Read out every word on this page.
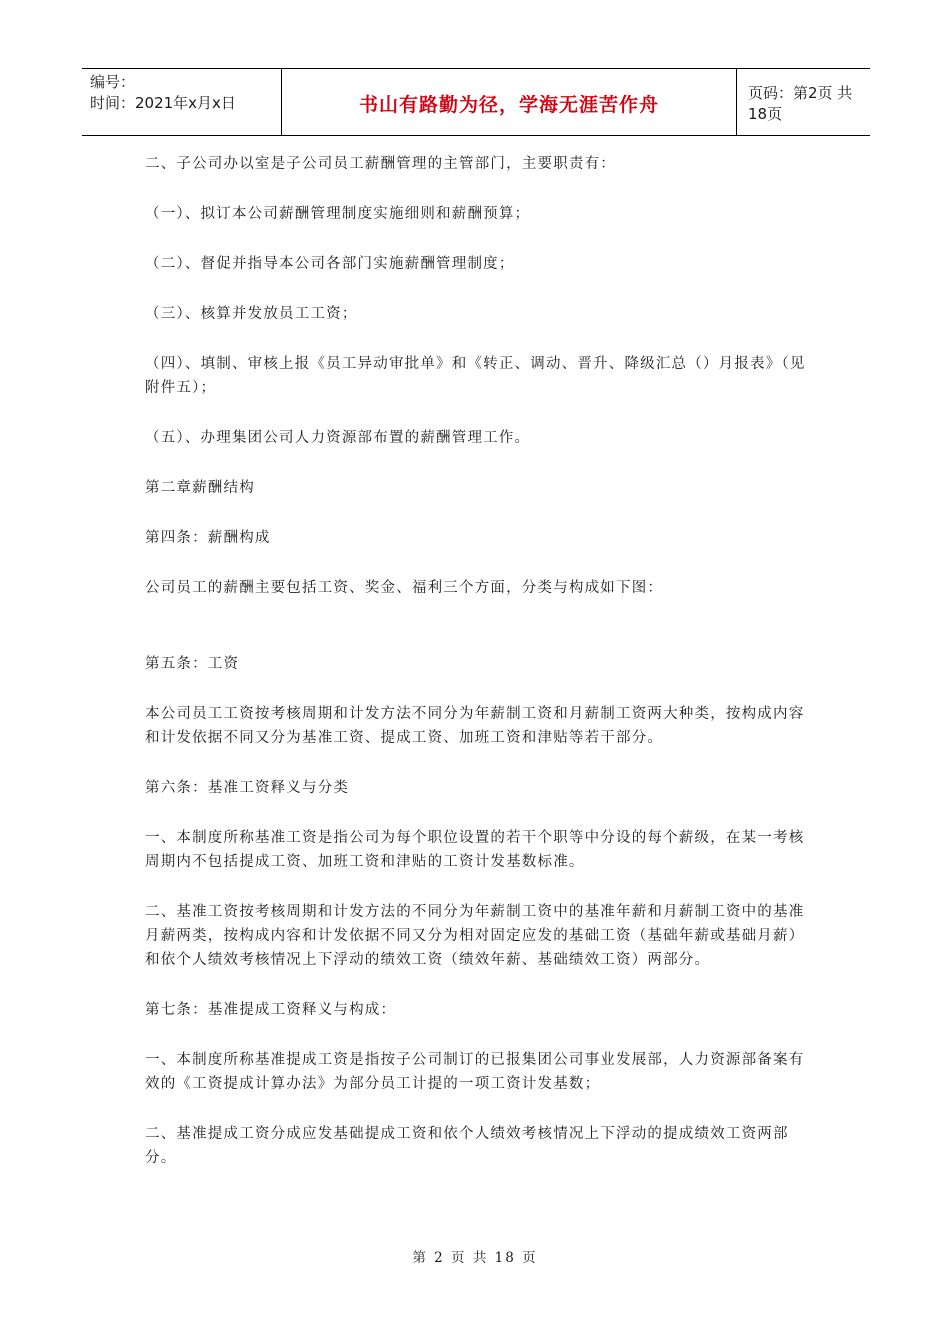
编号：
时间：2021年x月x日	书山有路勤为径，学海无涯苦作舟
页码：第2页 共18页

二、子公司办以室是子公司员工薪酬管理的主管部门，主要职责有：

（一）、拟订本公司薪酬管理制度实施细则和薪酬预算；

（二）、督促并指导本公司各部门实施薪酬管理制度；

（三）、核算并发放员工工资；

（四）、填制、审核上报《员工异动审批单》和《转正、调动、晋升、降级汇总（）月报表》（见附件五）；

（五）、办理集团公司人力资源部布置的薪酬管理工作。

第二章薪酬结构

第四条：薪酬构成

公司员工的薪酬主要包括工资、奖金、福利三个方面，分类与构成如下图：

第五条：工资

本公司员工工资按考核周期和计发方法不同分为年薪制工资和月薪制工资两大种类，按构成内容和计发依据不同又分为基准工资、提成工资、加班工资和津贴等若干部分。

第六条：基准工资释义与分类

一、本制度所称基准工资是指公司为每个职位设置的若干个职等中分设的每个薪级，在某一考核周期内不包括提成工资、加班工资和津贴的工资计发基数标准。

二、基准工资按考核周期和计发方法的不同分为年薪制工资中的基准年薪和月薪制工资中的基准月薪两类，按构成内容和计发依据不同又分为相对固定应发的基础工资（基础年薪或基础月薪）和依个人绩效考核情况上下浮动的绩效工资（绩效年薪、基础绩效工资）两部分。

第七条：基准提成工资释义与构成：

一、本制度所称基准提成工资是指按子公司制订的已报集团公司事业发展部，人力资源部备案有效的《工资提成计算办法》为部分员工计提的一项工资计发基数；

二、基准提成工资分成应发基础提成工资和依个人绩效考核情况上下浮动的提成绩效工资两部分。

第 2 页 共 18 页
